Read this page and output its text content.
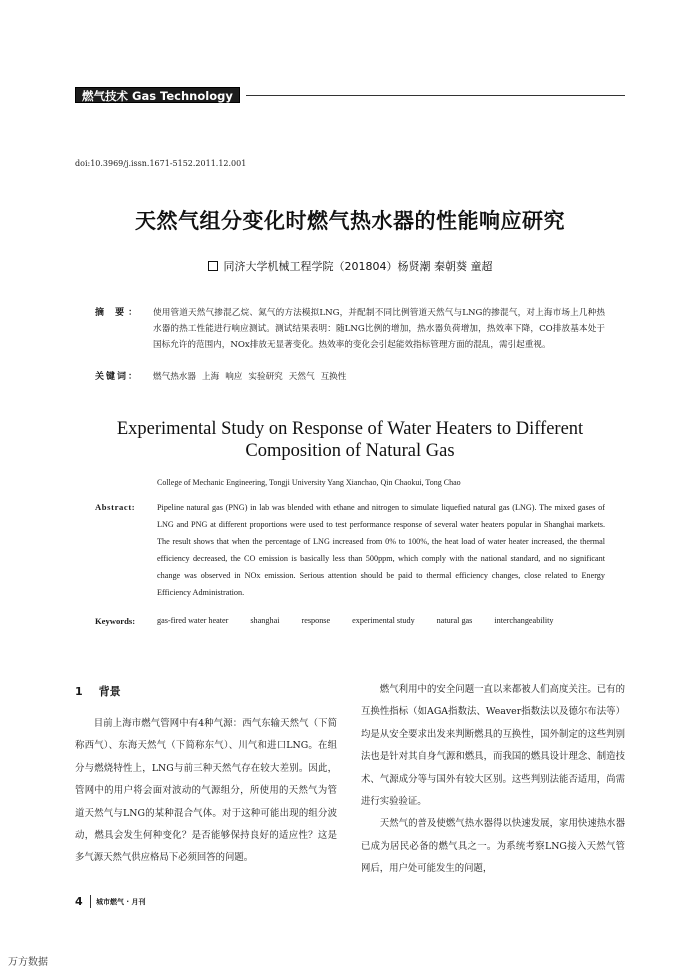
燃气技术 Gas Technology
doi:10.3969/j.issn.1671-5152.2011.12.001
天然气组分变化时燃气热水器的性能响应研究
同济大学机械工程学院（201804）杨贤潮 秦朝葵 童超
摘 要：	使用管道天然气掺混乙烷、氮气的方法模拟LNG，并配制不同比例管道天然气与LNG的掺混气，对上海市场上几种热水器的热工性能进行响应测试。测试结果表明：随LNG比例的增加，热水器负荷增加，热效率下降，CO排放基本处于国标允许的范围内，NOx排放无显著变化。热效率的变化会引起能效指标管理方面的混乱，需引起重视。
关键词： 燃气热水器 上海 响应 实验研究 天然气 互换性
Experimental Study on Response of Water Heaters to Different
Composition of Natural Gas
College of Mechanic Engineering, Tongji University Yang Xianchao, Qin Chaokui, Tong Chao
Abstract:	Pipeline natural gas (PNG) in lab was blended with ethane and nitrogen to simulate liquefied natural gas (LNG). The mixed gases of LNG and PNG at different proportions were used to test performance response of several water heaters popular in Shanghai markets. The result shows that when the percentage of LNG increased from 0% to 100%, the heat load of water heater increased, the thermal efficiency decreased, the CO emission is basically less than 500ppm, which comply with the national standard, and no significant change was observed in NOx emission. Serious attention should be paid to thermal efficiency changes, close related to Energy Efficiency Administration.
Keywords:	gas-fired water heater	shanghai	response	experimental study	natural gas	interchangeability
1 背景

目前上海市燃气管网中有4种气源：西气东输天然气（下简称西气）、东海天然气（下简称东气）、川气和进口LNG。在组分与燃烧特性上，LNG与前三种天然气存在较大差别。因此，管网中的用户将会面对波动的气源组分，所使用的天然气为管道天然气与LNG的某种混合气体。对于这种可能出现的组分波动，燃具会发生何种变化？是否能够保持良好的适应性？这是多气源天然气供应格局下必须回答的问题。

燃气利用中的安全问题一直以来都被人们高度关注。已有的互换性指标（如AGA指数法、Weaver指数法以及德尔布法等）均是从安全要求出发来判断燃具的互换性，国外制定的这些判别法也是针对其自身气源和燃具，而我国的燃具设计理念、制造技术、气源成分等与国外有较大区别。这些判别法能否适用，尚需进行实验验证。

天然气的普及使燃气热水器得以快速发展，家用快速热水器已成为居民必备的燃气具之一。为系统考察LNG接入天然气管网后，用户处可能发生的问题，

4 城市燃气 · 月刊
万方数据
